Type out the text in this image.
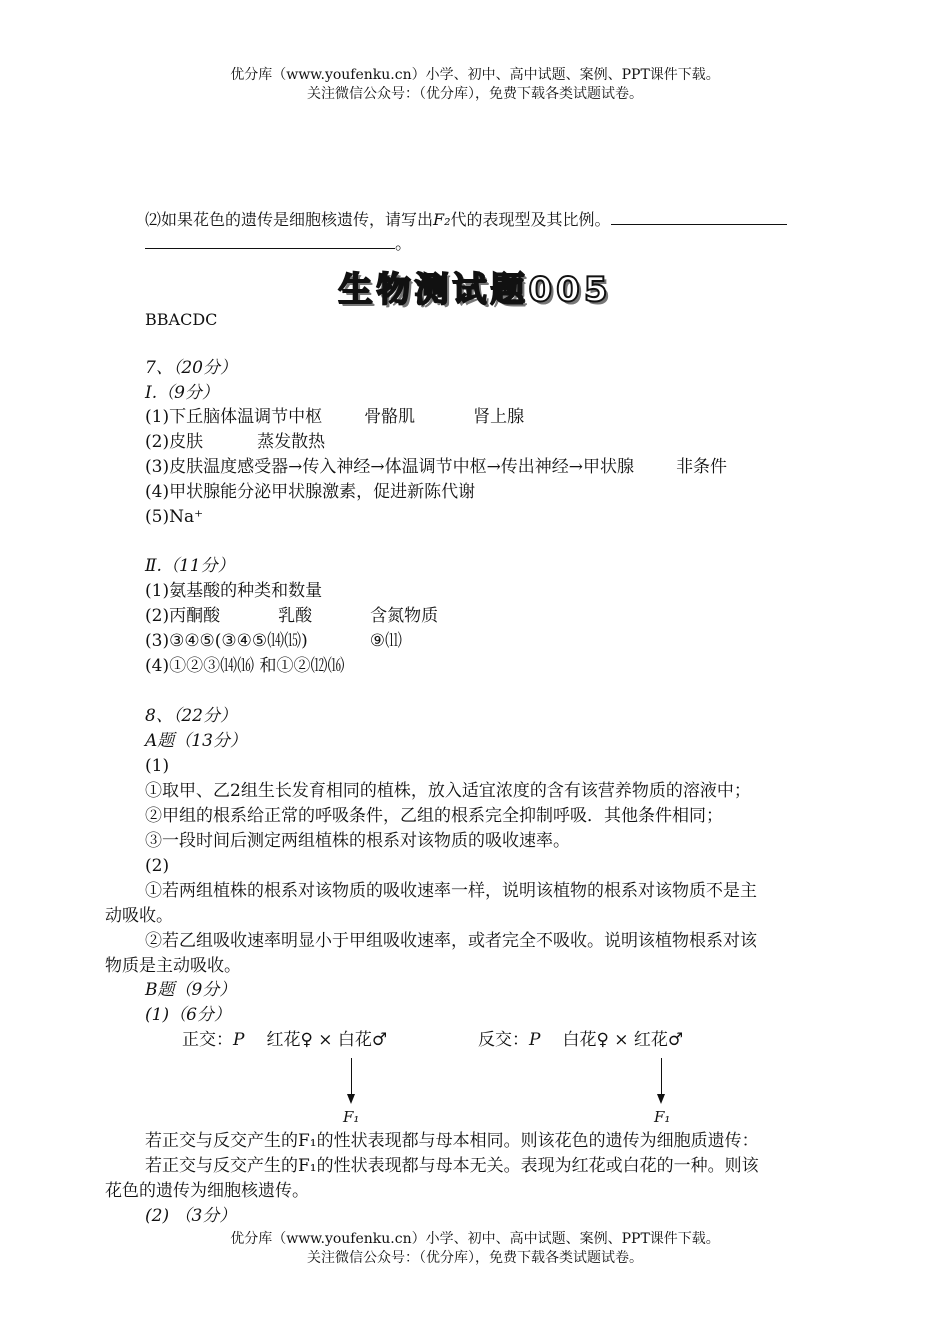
优分库（www.youfenku.cn）小学、初中、高中试题、案例、PPT课件下载。
关注微信公众号：（优分库），免费下载各类试题试卷。
⑵如果花色的遗传是细胞核遗传，请写出F₂代的表现型及其比例。
。
生物测试题005
BBACDC
7、（20分）
Ⅰ.（9分）
(1)下丘脑体温调节中枢 骨骼肌	肾上腺
(2)皮肤	蒸发散热
(3)皮肤温度感受器→传入神经→体温调节中枢→传出神经→甲状腺 非条件
(4)甲状腺能分泌甲状腺激素，促进新陈代谢
(5)Na⁺
Ⅱ.（11分）
(1)氨基酸的种类和数量
(2)丙酮酸	乳酸	含氮物质
(3)③④⑤(③④⑤⒁⒂)	⑨⑾
(4)①②③⒁⒃ 和①②⑿⒃
8、（22分）
A题（13分）
(1)
①取甲、乙2组生长发育相同的植株，放入适宜浓度的含有该营养物质的溶液中；
②甲组的根系给正常的呼吸条件，乙组的根系完全抑制呼吸．其他条件相同；
③一段时间后测定两组植株的根系对该物质的吸收速率。
(2)
①若两组植株的根系对该物质的吸收速率一样，说明该植物的根系对该物质不是主
动吸收。
②若乙组吸收速率明显小于甲组吸收速率，或者完全不吸收。说明该植物根系对该
物质是主动吸收。
B题（9分）
(1)（6分）
正交：P 红花♀ × 白花♂	反交：P 白花♀ × 红花♂
F₁	F₁
若正交与反交产生的F₁的性状表现都与母本相同。则该花色的遗传为细胞质遗传：
若正交与反交产生的F₁的性状表现都与母本无关。表现为红花或白花的一种。则该
花色的遗传为细胞核遗传。
(2) （3分）
优分库（www.youfenku.cn）小学、初中、高中试题、案例、PPT课件下载。
关注微信公众号：（优分库），免费下载各类试题试卷。
